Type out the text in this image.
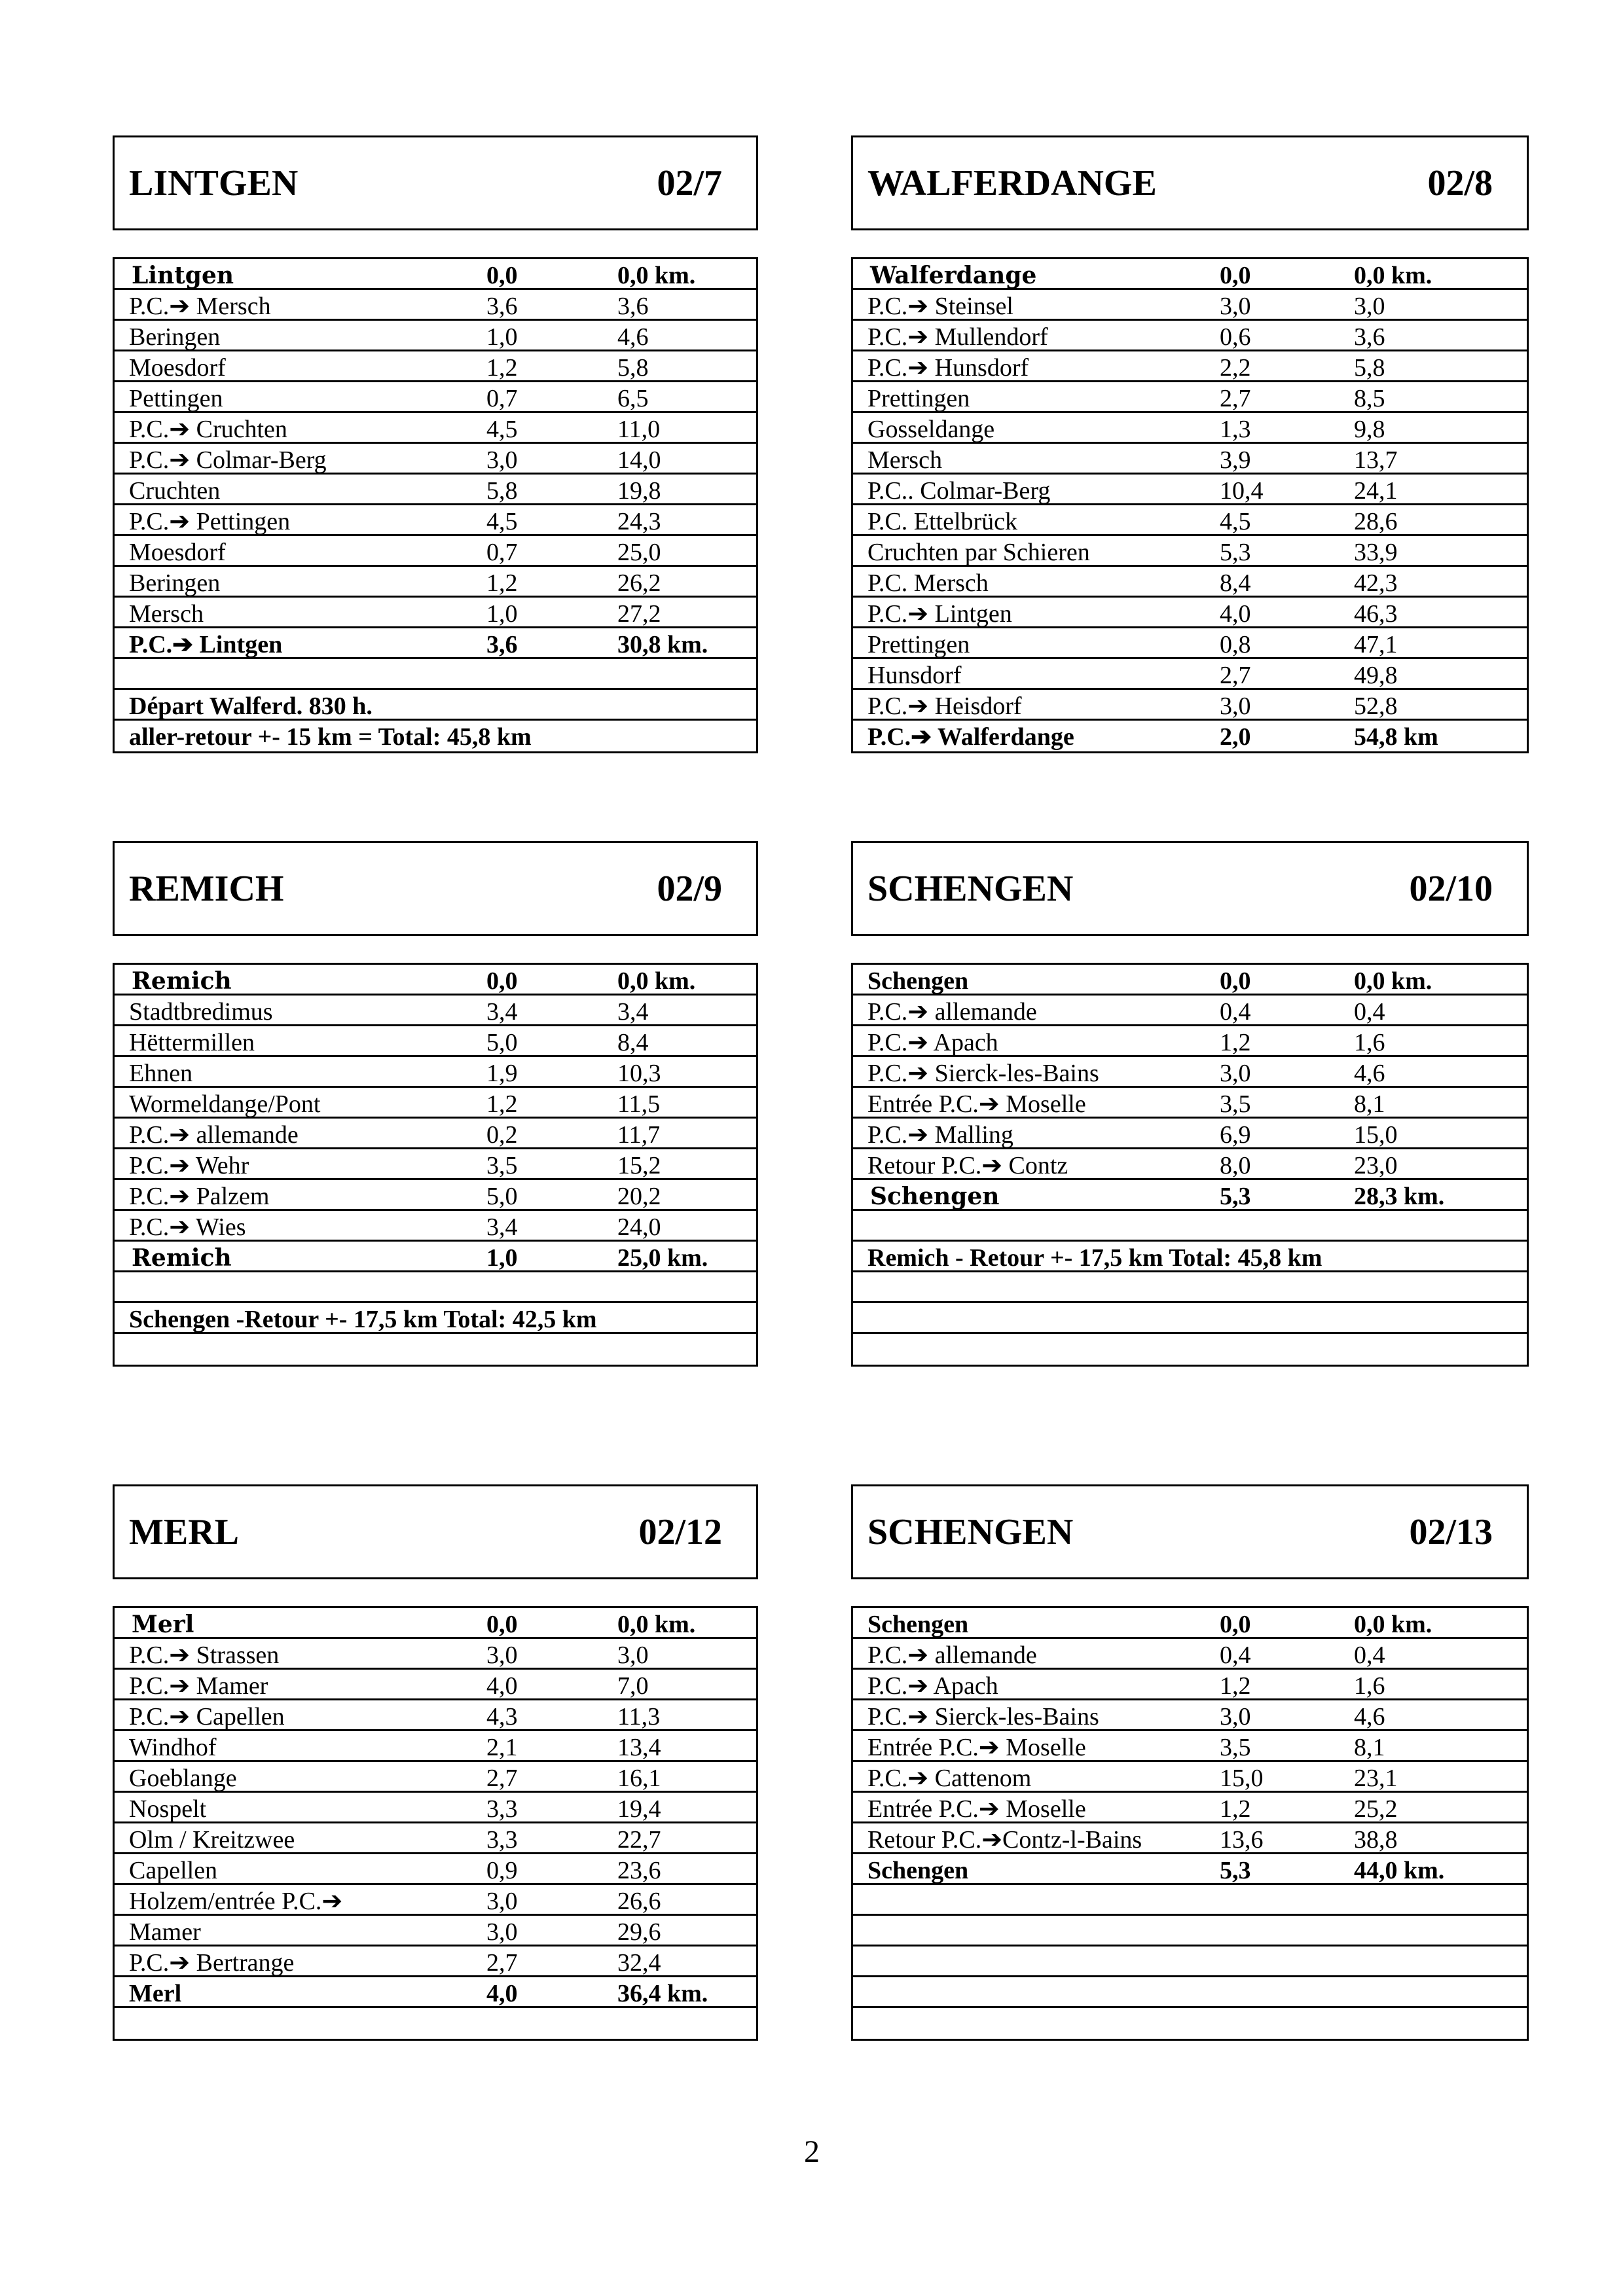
LINTGEN	02/7
Lintgen	0,0	0,0 km.
P.C.➔ Mersch	3,6	3,6
Beringen	1,0	4,6
Moesdorf	1,2	5,8
Pettingen	0,7	6,5
P.C.➔ Cruchten	4,5	11,0
P.C.➔ Colmar-Berg	3,0	14,0
Cruchten	5,8	19,8
P.C.➔ Pettingen	4,5	24,3
Moesdorf	0,7	25,0
Beringen	1,2	26,2
Mersch	1,0	27,2
P.C.➔ Lintgen	3,6	30,8 km.
Départ Walferd. 830 h.
aller-retour +- 15 km = Total: 45,8 km
WALFERDANGE	02/8
Walferdange	0,0	0,0 km.
P.C.➔ Steinsel	3,0	3,0
P.C.➔ Mullendorf	0,6	3,6
P.C.➔ Hunsdorf	2,2	5,8
Prettingen	2,7	8,5
Gosseldange	1,3	9,8
Mersch	3,9	13,7
P.C.. Colmar-Berg	10,4	24,1
P.C. Ettelbrück	4,5	28,6
Cruchten par Schieren	5,3	33,9
P.C. Mersch	8,4	42,3
P.C.➔ Lintgen	4,0	46,3
Prettingen	0,8	47,1
Hunsdorf	2,7	49,8
P.C.➔ Heisdorf	3,0	52,8
P.C.➔ Walferdange	2,0	54,8 km
REMICH	02/9
Remich	0,0	0,0 km.
Stadtbredimus	3,4	3,4
Hëttermillen	5,0	8,4
Ehnen	1,9	10,3
Wormeldange/Pont	1,2	11,5
P.C.➔ allemande	0,2	11,7
P.C.➔ Wehr	3,5	15,2
P.C.➔ Palzem	5,0	20,2
P.C.➔ Wies	3,4	24,0
Remich	1,0	25,0 km.
Schengen -Retour +- 17,5 km Total: 42,5 km
SCHENGEN	02/10
Schengen	0,0	0,0 km.
P.C.➔ allemande	0,4	0,4
P.C.➔ Apach	1,2	1,6
P.C.➔ Sierck-les-Bains	3,0	4,6
Entrée P.C.➔ Moselle	3,5	8,1
P.C.➔ Malling	6,9	15,0
Retour P.C.➔ Contz	8,0	23,0
Schengen	5,3	28,3 km.
Remich - Retour +- 17,5 km Total: 45,8 km
MERL	02/12
Merl	0,0	0,0 km.
P.C.➔ Strassen	3,0	3,0
P.C.➔ Mamer	4,0	7,0
P.C.➔ Capellen	4,3	11,3
Windhof	2,1	13,4
Goeblange	2,7	16,1
Nospelt	3,3	19,4
Olm / Kreitzwee	3,3	22,7
Capellen	0,9	23,6
Holzem/entrée P.C.➔	3,0	26,6
Mamer	3,0	29,6
P.C.➔ Bertrange	2,7	32,4
Merl	4,0	36,4 km.
SCHENGEN	02/13
Schengen	0,0	0,0 km.
P.C.➔ allemande	0,4	0,4
P.C.➔ Apach	1,2	1,6
P.C.➔ Sierck-les-Bains	3,0	4,6
Entrée P.C.➔ Moselle	3,5	8,1
P.C.➔ Cattenom	15,0	23,1
Entrée P.C.➔ Moselle	1,2	25,2
Retour P.C.➔Contz-l-Bains	13,6	38,8
Schengen	5,3	44,0 km.
2
